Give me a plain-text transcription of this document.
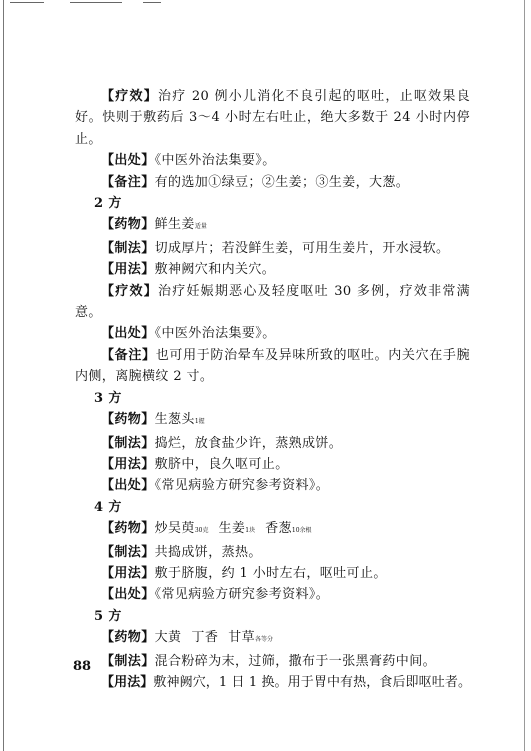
【疗效】治疗 20 例小儿消化不良引起的呕吐，止呕效果良好。快则于敷药后 3～4 小时左右吐止，绝大多数于 24 小时内停止。

【出处】《中医外治法集要》。

【备注】有的选加①绿豆；②生姜；③生姜，大葱。

2 方

【药物】鲜生姜适量

【制法】切成厚片；若没鲜生姜，可用生姜片，开水浸软。

【用法】敷神阙穴和内关穴。

【疗效】治疗妊娠期恶心及轻度呕吐 30 多例，疗效非常满意。

【出处】《中医外治法集要》。

【备注】也可用于防治晕车及异味所致的呕吐。内关穴在手腕内侧，离腕横纹 2 寸。

3 方

【药物】生葱头1握

【制法】捣烂，放食盐少许，蒸熟成饼。

【用法】敷脐中，良久呕可止。

【出处】《常见病验方研究参考资料》。

4 方

【药物】炒吴萸30克 生姜1块 香葱10余根

【制法】共捣成饼，蒸热。

【用法】敷于脐腹，约 1 小时左右，呕吐可止。

【出处】《常见病验方研究参考资料》。

5 方

【药物】大黄 丁香 甘草各等分

【制法】混合粉碎为末，过筛，撒布于一张黑膏药中间。

【用法】敷神阙穴，1 日 1 换。用于胃中有热，食后即呕吐者。

88
